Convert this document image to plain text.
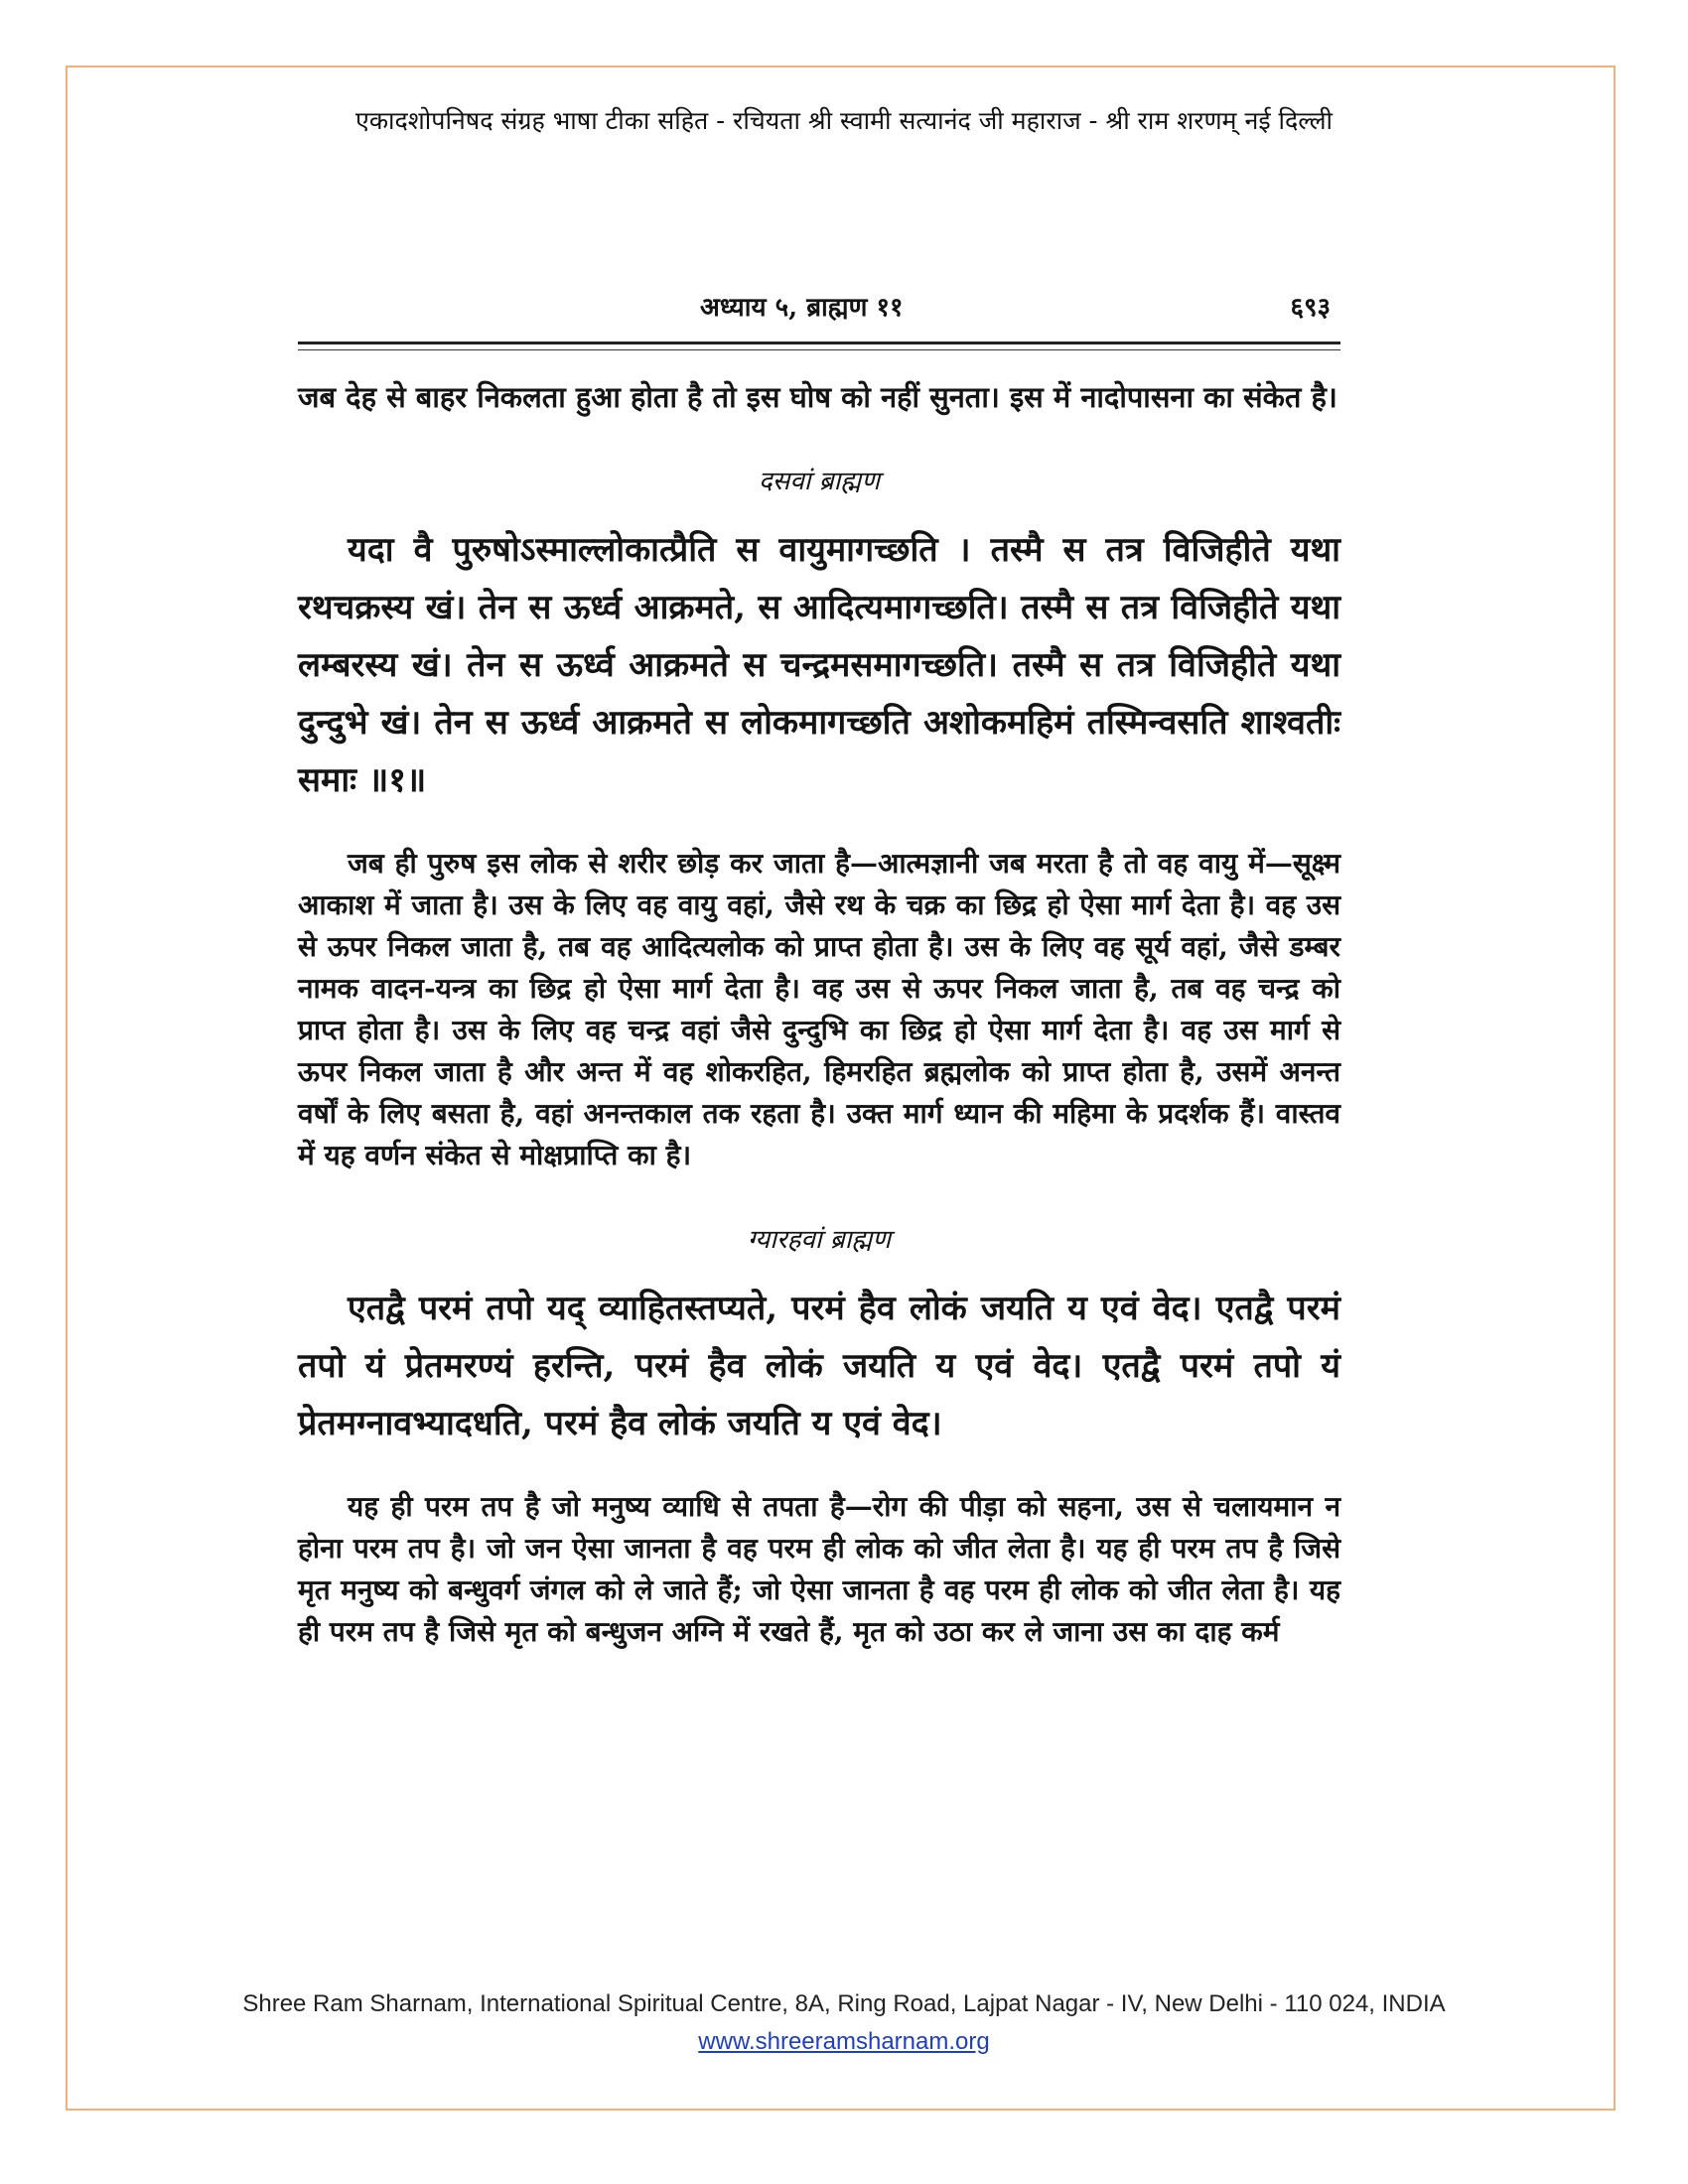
एकादशोपनिषद संग्रह भाषा टीका सहित - रचियता श्री स्वामी सत्यानंद जी महाराज - श्री राम शरणम् नई दिल्ली
अध्याय ५, ब्राह्मण ११	६९३

जब देह से बाहर निकलता हुआ होता है तो इस घोष को नहीं सुनता। इस में नादोपासना का संकेत है।

दसवां ब्राह्मण

यदा वै पुरुषोऽस्माल्लोकात्प्रैति स वायुमागच्छति । तस्मै स तत्र विजिहीते यथा रथचक्रस्य खं। तेन स ऊर्ध्व आक्रमते, स आदित्यमागच्छति। तस्मै स तत्र विजिहीते यथा लम्बरस्य खं। तेन स ऊर्ध्व आक्रमते स चन्द्रमसमागच्छति। तस्मै स तत्र विजिहीते यथा दुन्दुभे खं। तेन स ऊर्ध्व आक्रमते स लोकमागच्छति अशोकमहिमं तस्मिन्वसति शाश्वतीः समाः ॥१॥

जब ही पुरुष इस लोक से शरीर छोड़ कर जाता है—आत्मज्ञानी जब मरता है तो वह वायु में—सूक्ष्म आकाश में जाता है। उस के लिए वह वायु वहां, जैसे रथ के चक्र का छिद्र हो ऐसा मार्ग देता है। वह उस से ऊपर निकल जाता है, तब वह आदित्यलोक को प्राप्त होता है। उस के लिए वह सूर्य वहां, जैसे डम्बर नामक वादन-यन्त्र का छिद्र हो ऐसा मार्ग देता है। वह उस से ऊपर निकल जाता है, तब वह चन्द्र को प्राप्त होता है। उस के लिए वह चन्द्र वहां जैसे दुन्दुभि का छिद्र हो ऐसा मार्ग देता है। वह उस मार्ग से ऊपर निकल जाता है और अन्त में वह शोकरहित, हिमरहित ब्रह्मलोक को प्राप्त होता है, उसमें अनन्त वर्षों के लिए बसता है, वहां अनन्तकाल तक रहता है। उक्त मार्ग ध्यान की महिमा के प्रदर्शक हैं। वास्तव में यह वर्णन संकेत से मोक्षप्राप्ति का है।

ग्यारहवां ब्राह्मण

एतद्वै परमं तपो यद् व्याहितस्तप्यते, परमं हैव लोकं जयति य एवं वेद। एतद्वै परमं तपो यं प्रेतमरण्यं हरन्ति, परमं हैव लोकं जयति य एवं वेद। एतद्वै परमं तपो यं प्रेतमग्नावभ्यादधति, परमं हैव लोकं जयति य एवं वेद।

यह ही परम तप है जो मनुष्य व्याधि से तपता है—रोग की पीड़ा को सहना, उस से चलायमान न होना परम तप है। जो जन ऐसा जानता है वह परम ही लोक को जीत लेता है। यह ही परम तप है जिसे मृत मनुष्य को बन्धुवर्ग जंगल को ले जाते हैं; जो ऐसा जानता है वह परम ही लोक को जीत लेता है। यह ही परम तप है जिसे मृत को बन्धुजन अग्नि में रखते हैं, मृत को उठा कर ले जाना उस का दाह कर्म

Shree Ram Sharnam, International Spiritual Centre, 8A, Ring Road, Lajpat Nagar - IV, New Delhi - 110 024, INDIA
www.shreeramsharnam.org
